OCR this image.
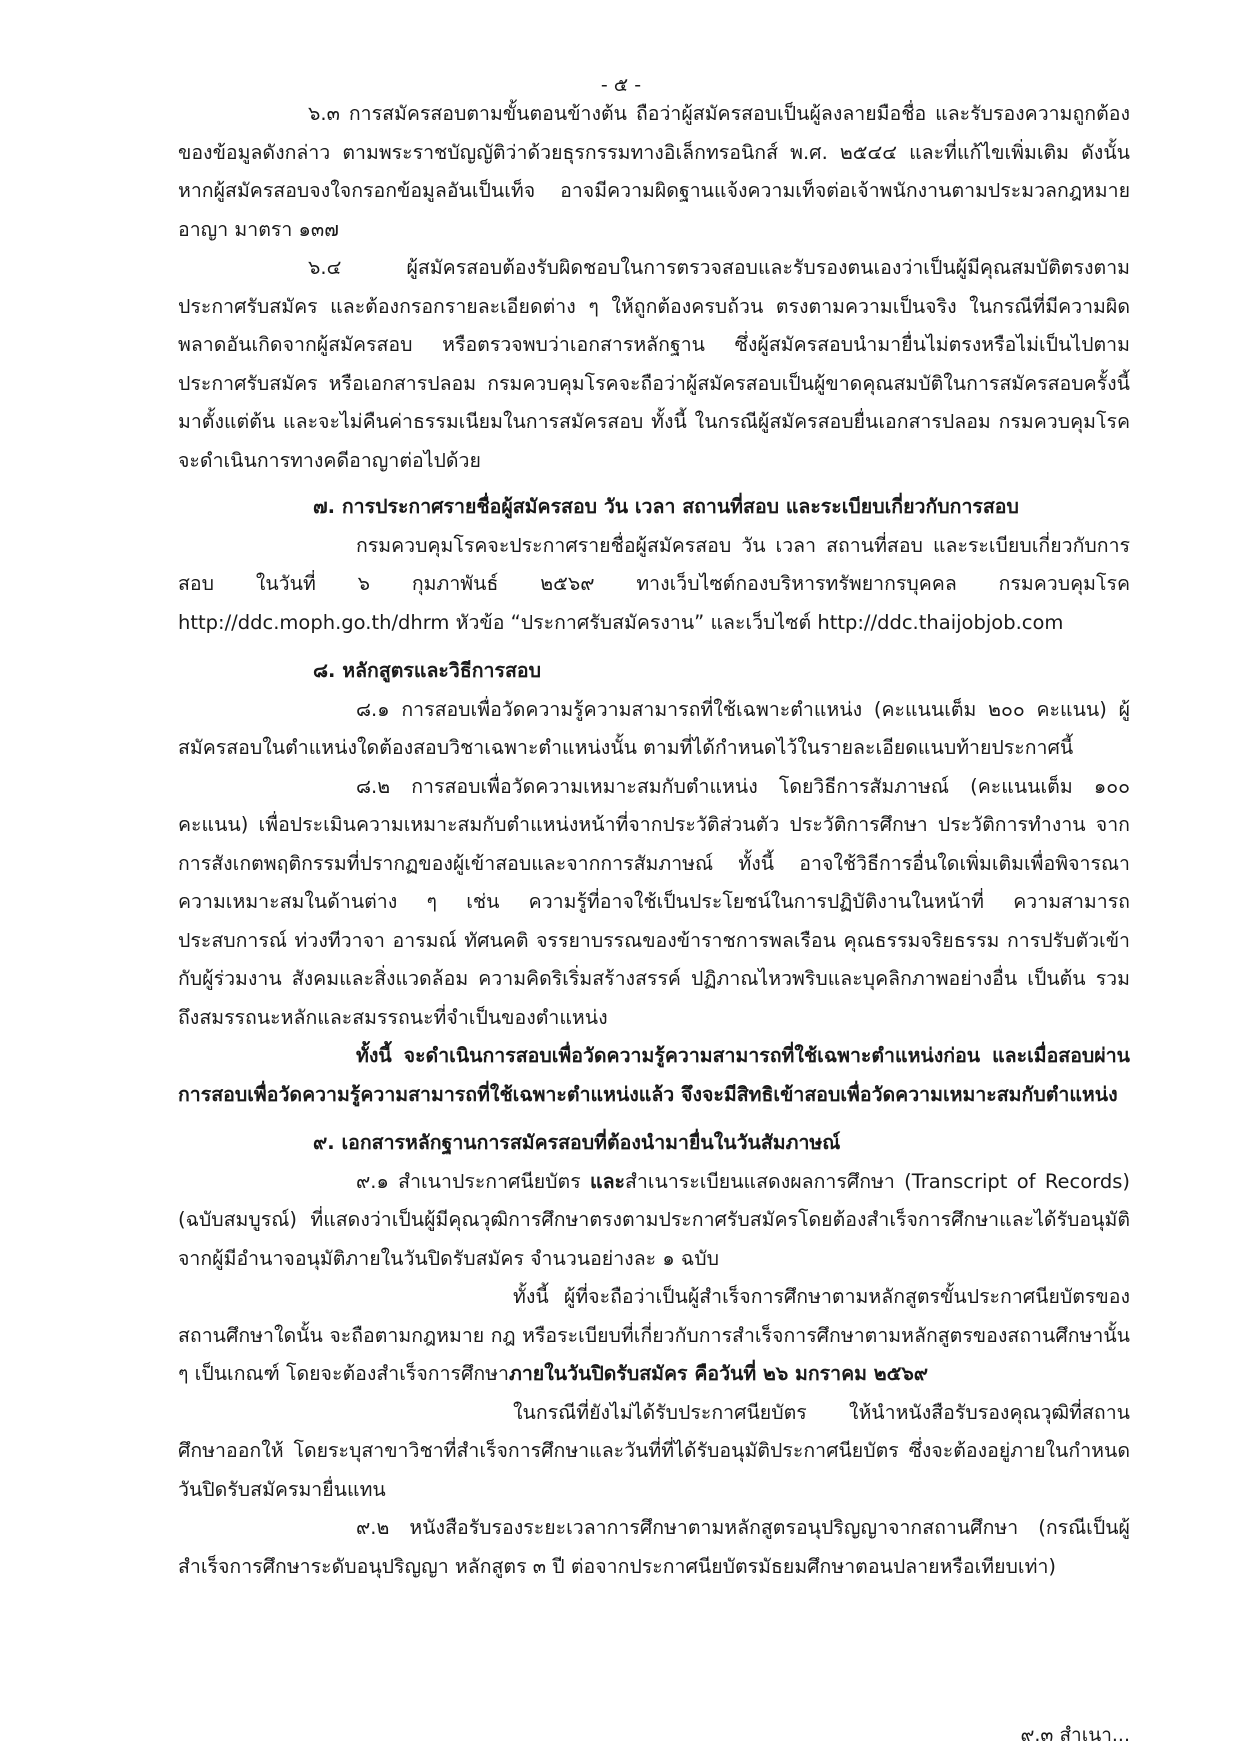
- ๕ -

๖.๓ การสมัครสอบตามขั้นตอนข้างต้น ถือว่าผู้สมัครสอบเป็นผู้ลงลายมือชื่อ และรับรองความถูกต้องของข้อมูลดังกล่าว ตามพระราชบัญญัติว่าด้วยธุรกรรมทางอิเล็กทรอนิกส์ พ.ศ. ๒๕๔๔ และที่แก้ไขเพิ่มเติม ดังนั้น หากผู้สมัครสอบจงใจกรอกข้อมูลอันเป็นเท็จ อาจมีความผิดฐานแจ้งความเท็จต่อเจ้าพนักงานตามประมวลกฎหมายอาญา มาตรา ๑๓๗

๖.๔ ผู้สมัครสอบต้องรับผิดชอบในการตรวจสอบและรับรองตนเองว่าเป็นผู้มีคุณสมบัติตรงตามประกาศรับสมัคร และต้องกรอกรายละเอียดต่าง ๆ ให้ถูกต้องครบถ้วน ตรงตามความเป็นจริง ในกรณีที่มีความผิดพลาดอันเกิดจากผู้สมัครสอบ หรือตรวจพบว่าเอกสารหลักฐาน ซึ่งผู้สมัครสอบนำมายื่นไม่ตรงหรือไม่เป็นไปตามประกาศรับสมัคร หรือเอกสารปลอม กรมควบคุมโรคจะถือว่าผู้สมัครสอบเป็นผู้ขาดคุณสมบัติในการสมัครสอบครั้งนี้มาตั้งแต่ต้น และจะไม่คืนค่าธรรมเนียมในการสมัครสอบ ทั้งนี้ ในกรณีผู้สมัครสอบยื่นเอกสารปลอม กรมควบคุมโรคจะดำเนินการทางคดีอาญาต่อไปด้วย

๗. การประกาศรายชื่อผู้สมัครสอบ วัน เวลา สถานที่สอบ และระเบียบเกี่ยวกับการสอบ

กรมควบคุมโรคจะประกาศรายชื่อผู้สมัครสอบ วัน เวลา สถานที่สอบ และระเบียบเกี่ยวกับการสอบ ในวันที่ ๖ กุมภาพันธ์ ๒๕๖๙ ทางเว็บไซต์กองบริหารทรัพยากรบุคคล กรมควบคุมโรค http://ddc.moph.go.th/dhrm หัวข้อ “ประกาศรับสมัครงาน” และเว็บไซต์ http://ddc.thaijobjob.com

๘. หลักสูตรและวิธีการสอบ

๘.๑ การสอบเพื่อวัดความรู้ความสามารถที่ใช้เฉพาะตำแหน่ง (คะแนนเต็ม ๒๐๐ คะแนน) ผู้สมัครสอบในตำแหน่งใดต้องสอบวิชาเฉพาะตำแหน่งนั้น ตามที่ได้กำหนดไว้ในรายละเอียดแนบท้ายประกาศนี้

๘.๒ การสอบเพื่อวัดความเหมาะสมกับตำแหน่ง โดยวิธีการสัมภาษณ์ (คะแนนเต็ม ๑๐๐ คะแนน) เพื่อประเมินความเหมาะสมกับตำแหน่งหน้าที่จากประวัติส่วนตัว ประวัติการศึกษา ประวัติการทำงาน จากการสังเกตพฤติกรรมที่ปรากฏของผู้เข้าสอบและจากการสัมภาษณ์ ทั้งนี้ อาจใช้วิธีการอื่นใดเพิ่มเติมเพื่อพิจารณาความเหมาะสมในด้านต่าง ๆ เช่น ความรู้ที่อาจใช้เป็นประโยชน์ในการปฏิบัติงานในหน้าที่ ความสามารถ ประสบการณ์ ท่วงทีวาจา อารมณ์ ทัศนคติ จรรยาบรรณของข้าราชการพลเรือน คุณธรรมจริยธรรม การปรับตัวเข้ากับผู้ร่วมงาน สังคมและสิ่งแวดล้อม ความคิดริเริ่มสร้างสรรค์ ปฏิภาณไหวพริบและบุคลิกภาพอย่างอื่น เป็นต้น รวมถึงสมรรถนะหลักและสมรรถนะที่จำเป็นของตำแหน่ง

ทั้งนี้ จะดำเนินการสอบเพื่อวัดความรู้ความสามารถที่ใช้เฉพาะตำแหน่งก่อน และเมื่อสอบผ่านการสอบเพื่อวัดความรู้ความสามารถที่ใช้เฉพาะตำแหน่งแล้ว จึงจะมีสิทธิเข้าสอบเพื่อวัดความเหมาะสมกับตำแหน่ง

๙. เอกสารหลักฐานการสมัครสอบที่ต้องนำมายื่นในวันสัมภาษณ์

๙.๑ สำเนาประกาศนียบัตร และสำเนาระเบียนแสดงผลการศึกษา (Transcript of Records) (ฉบับสมบูรณ์) ที่แสดงว่าเป็นผู้มีคุณวุฒิการศึกษาตรงตามประกาศรับสมัครโดยต้องสำเร็จการศึกษาและได้รับอนุมัติจากผู้มีอำนาจอนุมัติภายในวันปิดรับสมัคร จำนวนอย่างละ ๑ ฉบับ

ทั้งนี้ ผู้ที่จะถือว่าเป็นผู้สำเร็จการศึกษาตามหลักสูตรขั้นประกาศนียบัตรของสถานศึกษาใดนั้น จะถือตามกฎหมาย กฎ หรือระเบียบที่เกี่ยวกับการสำเร็จการศึกษาตามหลักสูตรของสถานศึกษานั้น ๆ เป็นเกณฑ์ โดยจะต้องสำเร็จการศึกษาภายในวันปิดรับสมัคร คือวันที่ ๒๖ มกราคม ๒๕๖๙

ในกรณีที่ยังไม่ได้รับประกาศนียบัตร ให้นำหนังสือรับรองคุณวุฒิที่สถานศึกษาออกให้ โดยระบุสาขาวิชาที่สำเร็จการศึกษาและวันที่ที่ได้รับอนุมัติประกาศนียบัตร ซึ่งจะต้องอยู่ภายในกำหนดวันปิดรับสมัครมายื่นแทน

๙.๒ หนังสือรับรองระยะเวลาการศึกษาตามหลักสูตรอนุปริญญาจากสถานศึกษา (กรณีเป็นผู้สำเร็จการศึกษาระดับอนุปริญญา หลักสูตร ๓ ปี ต่อจากประกาศนียบัตรมัธยมศึกษาตอนปลายหรือเทียบเท่า)

๙.๓ สำเนา...
